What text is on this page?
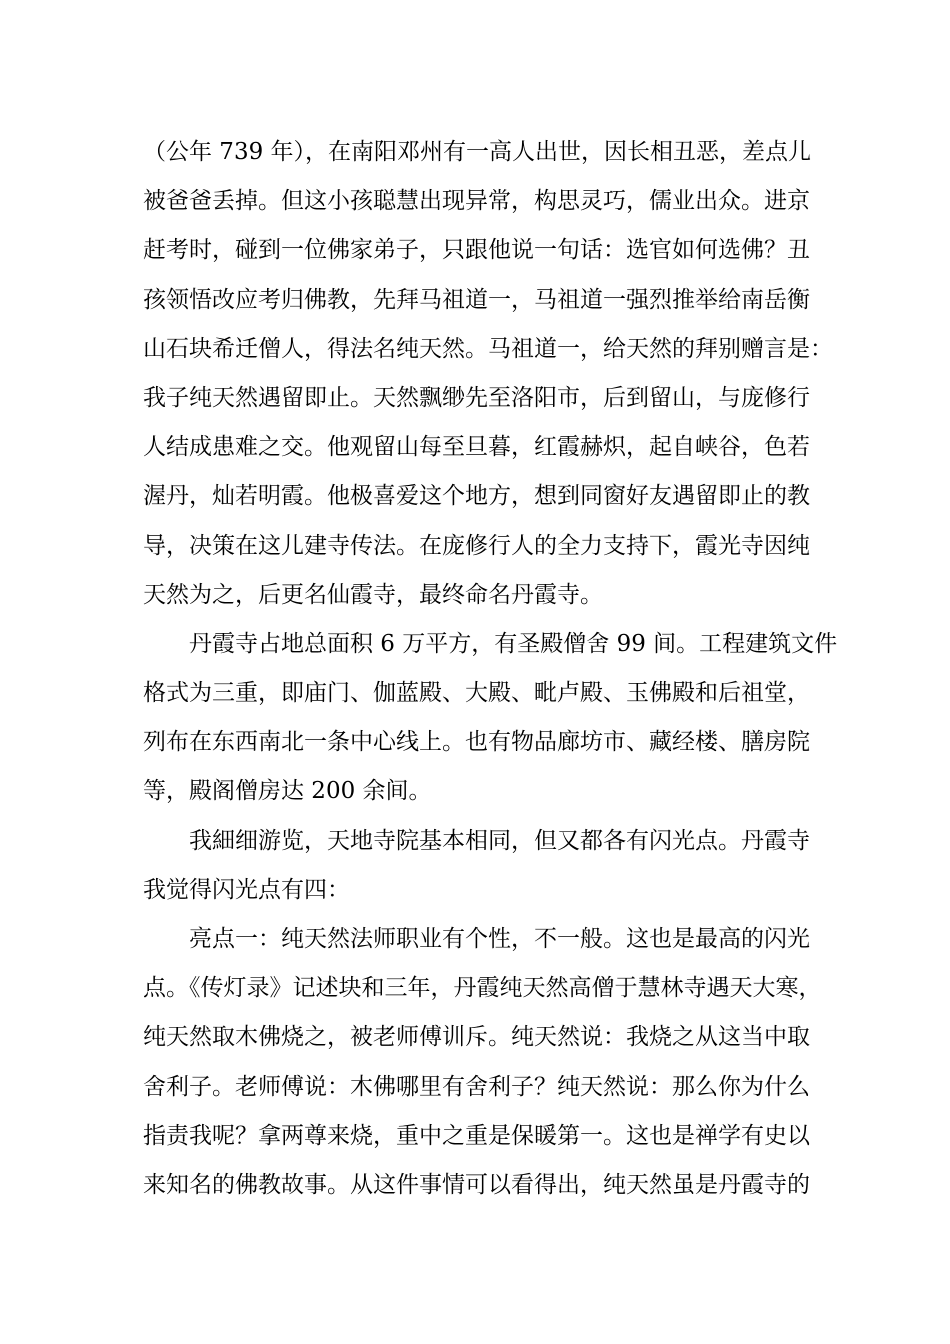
（公年 739 年），在南阳邓州有一高人出世，因长相丑恶，差点儿
被爸爸丢掉。但这小孩聪慧出现异常，构思灵巧，儒业出众。进京
赶考时，碰到一位佛家弟子，只跟他说一句话：选官如何选佛？丑
孩领悟改应考归佛教，先拜马祖道一，马祖道一强烈推举给南岳衡
山石块希迁僧人，得法名纯天然。马祖道一，给天然的拜别赠言是：
我子纯天然遇留即止。天然飘缈先至洛阳市，后到留山，与庞修行
人结成患难之交。他观留山每至旦暮，红霞赫炽，起自峡谷，色若
渥丹，灿若明霞。他极喜爱这个地方，想到同窗好友遇留即止的教
导，决策在这儿建寺传法。在庞修行人的全力支持下，霞光寺因纯
天然为之，后更名仙霞寺，最终命名丹霞寺。
丹霞寺占地总面积 6 万平方，有圣殿僧舍 99 间。工程建筑文件
格式为三重，即庙门、伽蓝殿、大殿、毗卢殿、玉佛殿和后祖堂，
列布在东西南北一条中心线上。也有物品廊坊市、藏经楼、膳房院
等，殿阁僧房达 200 余间。
我細细游览，天地寺院基本相同，但又都各有闪光点。丹霞寺
我觉得闪光点有四：
亮点一：纯天然法师职业有个性，不一般。这也是最高的闪光
点。《传灯录》记述块和三年，丹霞纯天然高僧于慧林寺遇天大寒，
纯天然取木佛烧之，被老师傅训斥。纯天然说：我烧之从这当中取
舍利子。老师傅说：木佛哪里有舍利子？纯天然说：那么你为什么
指责我呢？拿两尊来烧，重中之重是保暖第一。这也是禅学有史以
来知名的佛教故事。从这件事情可以看得出，纯天然虽是丹霞寺的
